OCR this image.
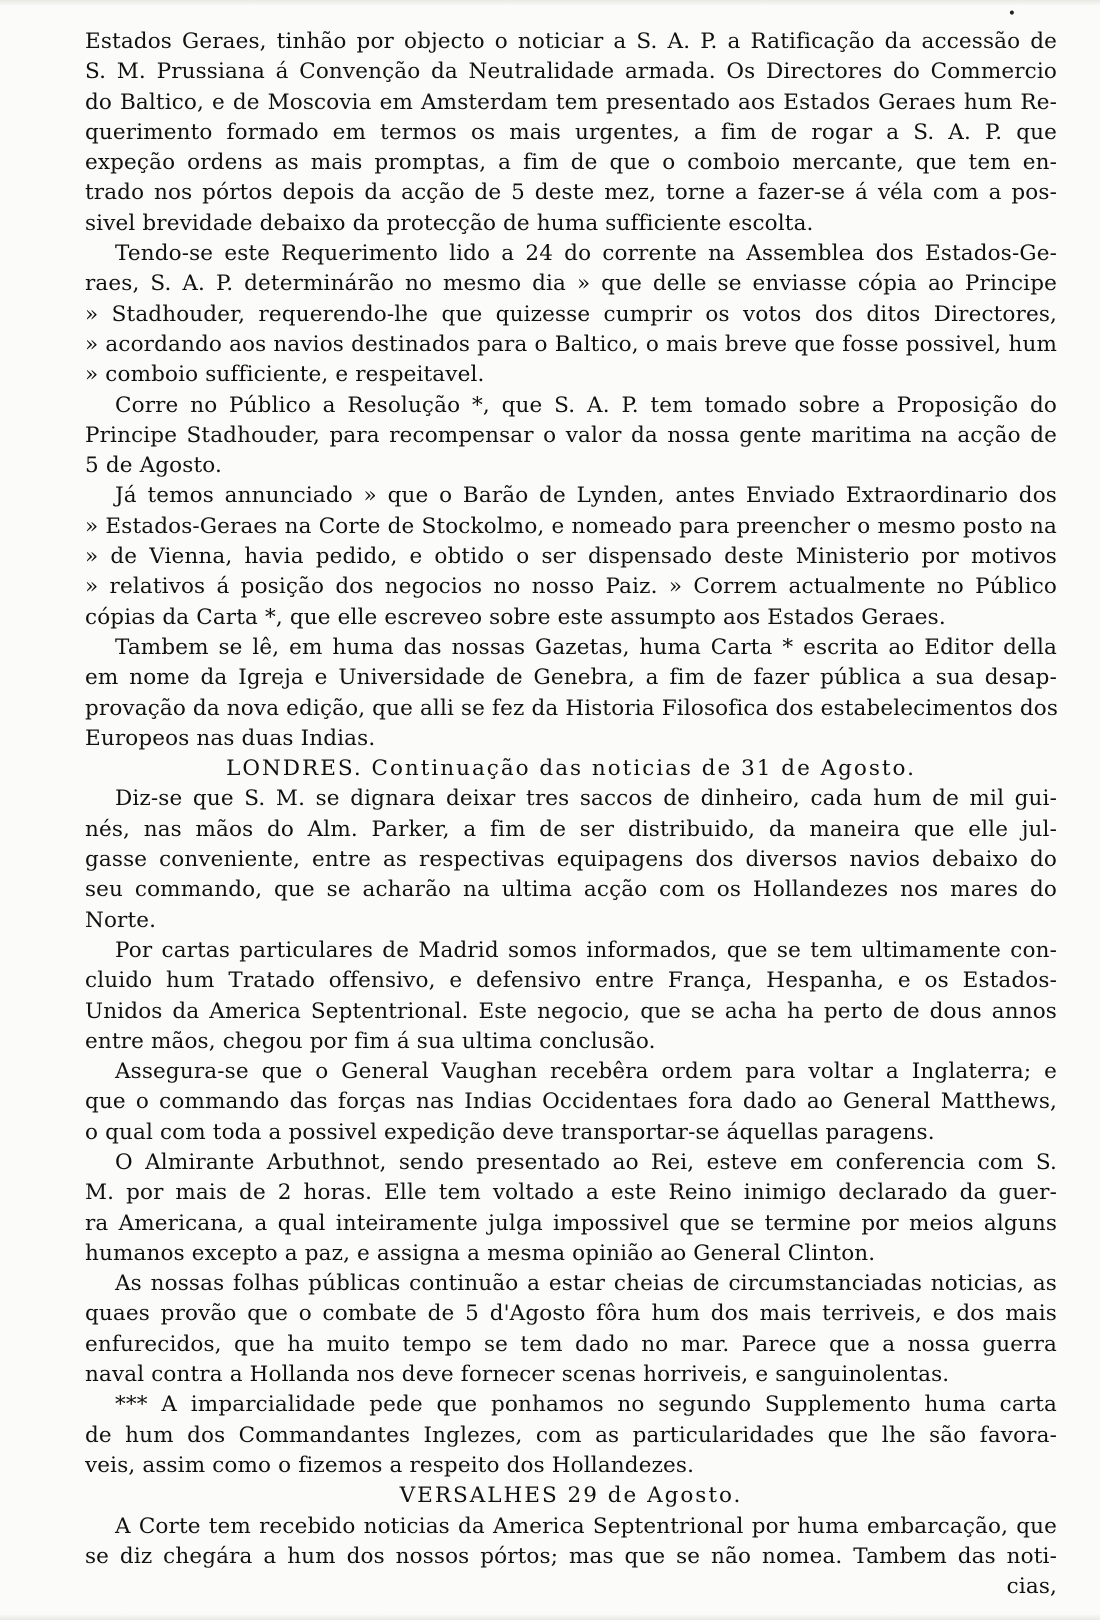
•
Estados Geraes, tinhão por objecto o noticiar a S. A. P. a Ratificação da accessão de
S. M. Prussiana á Convenção da Neutralidade armada. Os Directores do Commercio
do Baltico, e de Moscovia em Amsterdam tem presentado aos Estados Geraes hum Re-
querimento formado em termos os mais urgentes, a fim de rogar a S. A. P. que
expeção ordens as mais promptas, a fim de que o comboio mercante, que tem en-
trado nos pórtos depois da acção de 5 deste mez, torne a fazer-se á véla com a pos-
sivel brevidade debaixo da protecção de huma sufficiente escolta.
Tendo-se este Requerimento lido a 24 do corrente na Assemblea dos Estados-Ge-
raes, S. A. P. determinárão no mesmo dia » que delle se enviasse cópia ao Principe
» Stadhouder, requerendo-lhe que quizesse cumprir os votos dos ditos Directores,
» acordando aos navios destinados para o Baltico, o mais breve que fosse possivel, hum
» comboio sufficiente, e respeitavel.
Corre no Público a Resolução *, que S. A. P. tem tomado sobre a Proposição do
Principe Stadhouder, para recompensar o valor da nossa gente maritima na acção de
5 de Agosto.
Já temos annunciado » que o Barão de Lynden, antes Enviado Extraordinario dos
» Estados-Geraes na Corte de Stockolmo, e nomeado para preencher o mesmo posto na
» de Vienna, havia pedido, e obtido o ser dispensado deste Ministerio por motivos
» relativos á posição dos negocios no nosso Paiz. » Correm actualmente no Público
cópias da Carta *, que elle escreveo sobre este assumpto aos Estados Geraes.
Tambem se lê, em huma das nossas Gazetas, huma Carta * escrita ao Editor della
em nome da Igreja e Universidade de Genebra, a fim de fazer pública a sua desap-
provação da nova edição, que alli se fez da Historia Filosofica dos estabelecimentos dos
Europeos nas duas Indias.
LONDRES. Continuação das noticias de 31 de Agosto.
Diz-se que S. M. se dignara deixar tres saccos de dinheiro, cada hum de mil gui-
nés, nas mãos do Alm. Parker, a fim de ser distribuido, da maneira que elle jul-
gasse conveniente, entre as respectivas equipagens dos diversos navios debaixo do
seu commando, que se acharão na ultima acção com os Hollandezes nos mares do
Norte.
Por cartas particulares de Madrid somos informados, que se tem ultimamente con-
cluido hum Tratado offensivo, e defensivo entre França, Hespanha, e os Estados-
Unidos da America Septentrional. Este negocio, que se acha ha perto de dous annos
entre mãos, chegou por fim á sua ultima conclusão.
Assegura-se que o General Vaughan recebêra ordem para voltar a Inglaterra; e
que o commando das forças nas Indias Occidentaes fora dado ao General Matthews,
o qual com toda a possivel expedição deve transportar-se áquellas paragens.
O Almirante Arbuthnot, sendo presentado ao Rei, esteve em conferencia com S.
M. por mais de 2 horas. Elle tem voltado a este Reino inimigo declarado da guer-
ra Americana, a qual inteiramente julga impossivel que se termine por meios alguns
humanos excepto a paz, e assigna a mesma opinião ao General Clinton.
As nossas folhas públicas continuão a estar cheias de circumstanciadas noticias, as
quaes provão que o combate de 5 d'Agosto fôra hum dos mais terriveis, e dos mais
enfurecidos, que ha muito tempo se tem dado no mar. Parece que a nossa guerra
naval contra a Hollanda nos deve fornecer scenas horriveis, e sanguinolentas.
*** A imparcialidade pede que ponhamos no segundo Supplemento huma carta
de hum dos Commandantes Inglezes, com as particularidades que lhe são favora-
veis, assim como o fizemos a respeito dos Hollandezes.
VERSALHES 29 de Agosto.
A Corte tem recebido noticias da America Septentrional por huma embarcação, que
se diz chegára a hum dos nossos pórtos; mas que se não nomea. Tambem das noti-
cias,
